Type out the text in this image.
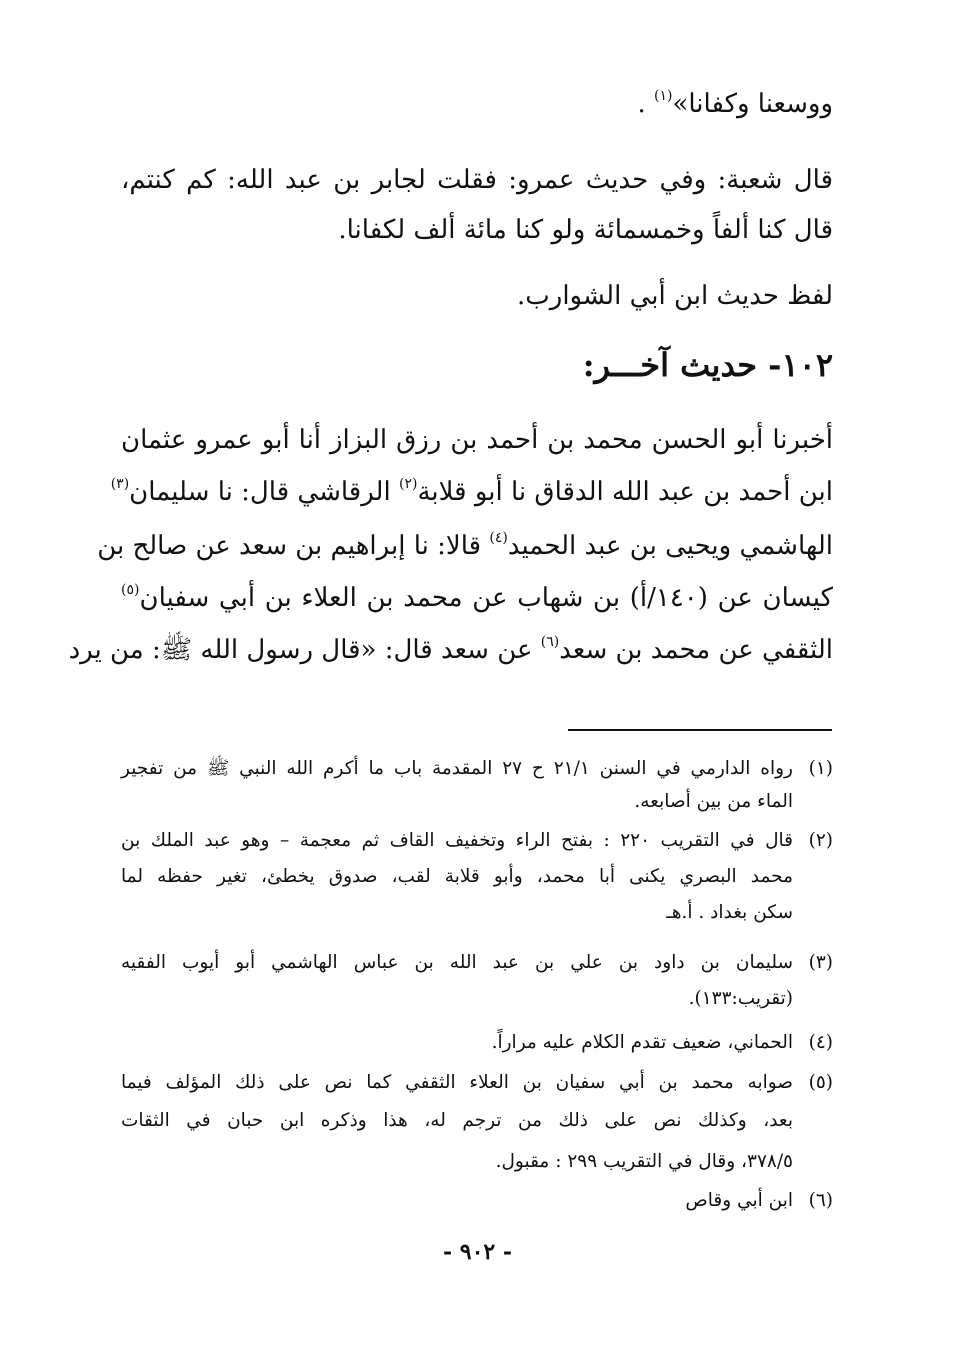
ووسعنا وكفانا»$^{(١)}$ .
قال شعبة: وفي حديث عمرو: فقلت لجابر بن عبد الله: كم كنتم،
قال كنا ألفاً وخمسمائة ولو كنا مائة ألف لكفانا.
لفظ حديث ابن أبي الشوارب.
١٠٢- حديث آخـــر:
أخبرنا أبو الحسن محمد بن أحمد بن رزق البزاز أنا أبو عمرو عثمان
ابن أحمد بن عبد الله الدقاق نا أبو قلابة$^{(٢)}$ الرقاشي قال: نا سليمان$^{(٣)}$
الهاشمي ويحيى بن عبد الحميد$^{(٤)}$ قالا: نا إبراهيم بن سعد عن صالح بن
كيسان عن (١٤٠/أ) بن شهاب عن محمد بن العلاء بن أبي سفيان$^{(٥)}$
الثقفي عن محمد بن سعد$^{(٦)}$ عن سعد قال: «قال رسول الله ﷺ: من يرد
(١)رواه الدارمي في السنن ٢١/١ ح ٢٧ المقدمة باب ما أكرم الله النبي ﷺ من تفجير
الماء من بين أصابعه.
(٢)قال في التقريب ٢٢٠ : بفتح الراء وتخفيف القاف ثم معجمة – وهو عبد الملك بن
محمد البصري يكنى أبا محمد، وأبو قلابة لقب، صدوق يخطئ، تغير حفظه لما
سكن بغداد . أ.هـ
(٣)سليمان بن داود بن علي بن عبد الله بن عباس الهاشمي أبو أيوب الفقيه
(تقريب:١٣٣).
(٤)الحماني، ضعيف تقدم الكلام عليه مراراً.
(٥)صوابه محمد بن أبي سفيان بن العلاء الثقفي كما نص على ذلك المؤلف فيما
بعد، وكذلك نص على ذلك من ترجم له، هذا وذكره ابن حبان في الثقات
٣٧٨/٥، وقال في التقريب ٢٩٩ : مقبول.
(٦)ابن أبي وقاص
- ٩٠٢ -
